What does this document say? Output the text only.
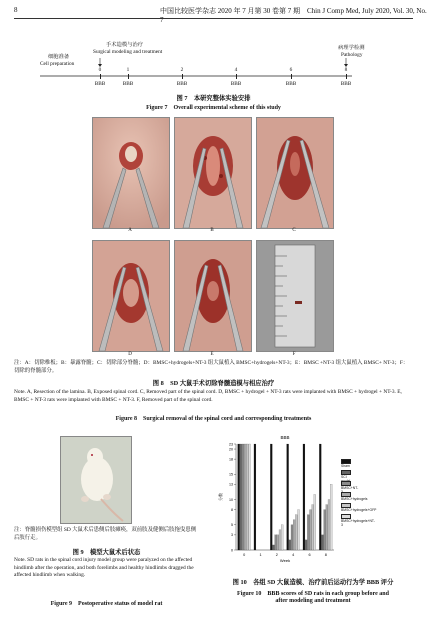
8	中国比较医学杂志 2020 年 7 月第 30 卷第 7 期　Chin J Comp Med, July 2020, Vol. 30, No. 7
细胞准备
Cell preparation
手术造模与治疗
Surgical modeling and treatment
病理学检测
Pathology
0	1	2	4	6	8
BBB	BBB	BBB	BBB	BBB	BBB
图 7　本研究整体实验安排
Figure 7　Overall experimental scheme of this study
A	B	C
D	E	F
注：A：切除椎板；B：暴露脊髓；C：切除部分脊髓；D：BMSC+hydrogels+NT-3 组大鼠植入 BMSC+hydrogels+NT-3；E：BMSC +NT-3 组大鼠植入 BMSC+ NT-3；F：切除的脊髓部分。
图 8　SD 大鼠手术切除脊髓造模与相应治疗
Note. A, Resection of the lamina. B, Exposed spinal cord. C, Removed part of the spinal cord. D, BMSC + hydrogel + NT-3 rats were implanted with BMSC + hydrogel + NT-3. E, BMSC + NT-3 rats were implanted with BMSC + NT-3. F, Removed part of the spinal cord.
Figure 8　Surgical removal of the spinal cord and corresponding treatments
注：脊髓损伤模型组 SD 大鼠术后患侧后肢瘫痪，双前肢及健侧后肢拖曳患侧后肢行走。
图 9　模型大鼠术后状态
Note. SD rats in the spinal cord injury model group were paralyzed on the affected hindlimb after the operation, and both forelimbs and healthy hindlimbs dragged the affected hindlimb when walking.
Figure 9　Postoperative status of model rat
BBB
0
3
5
8
10
13
15
18
20
23
分数
0	1	2	4	6	8
Week
Sham
SCI
BMSC+NT-
BMSC+hydrogels
BMSC+hydrogels+GFP
BMSC+hydrogels+NT-3
图 10　各组 SD 大鼠造模、治疗前后运动行为学 BBB 评分
Figure 10　BBB scores of SD rats in each group before and
after modeling and treatment
